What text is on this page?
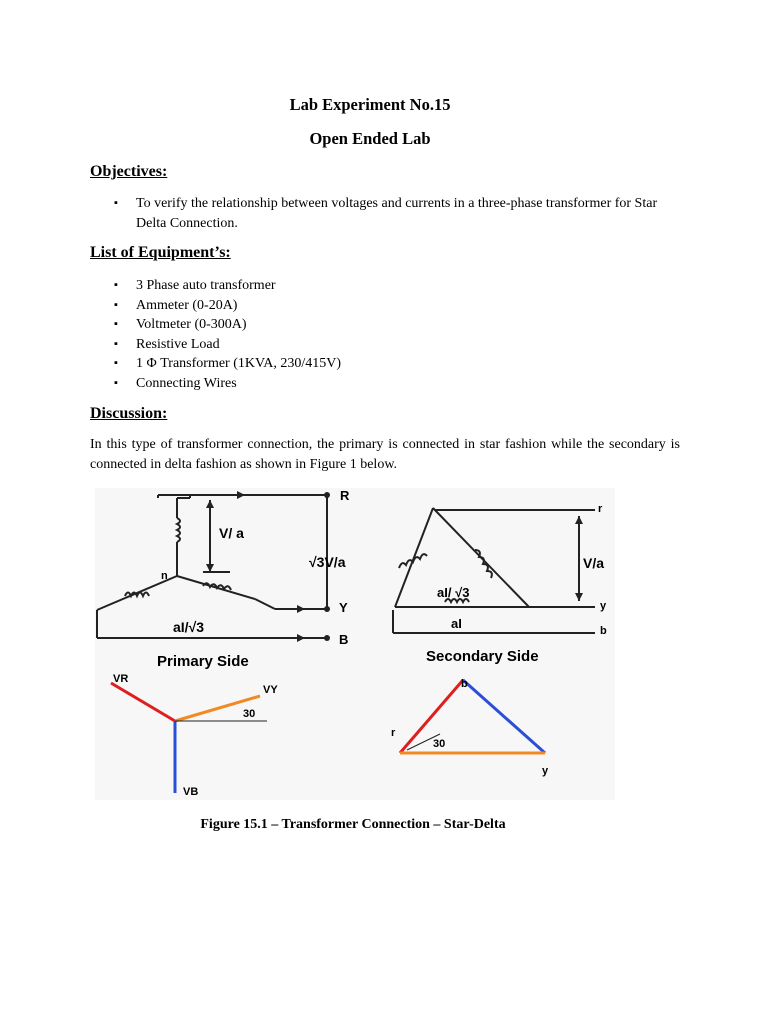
Lab Experiment No.15
Open Ended Lab
Objectives:
▪ To verify the relationship between voltages and currents in a three-phase transformer for Star Delta Connection.
List of Equipment’s:
▪ 3 Phase auto transformer
▪ Ammeter (0-20A)
▪ Voltmeter (0-300A)
▪ Resistive Load
▪ 1 Φ Transformer (1KVA, 230/415V)
▪ Connecting Wires
Discussion:
In this type of transformer connection, the primary is connected in star fashion while the secondary is connected in delta fashion as shown in Figure 1 below.
R
Y
B
n
V/ a
√3V/a
aI/√3
Primary Side
r
y
b
V/a
aI/ √3
aI
Secondary Side
VR
VY
VB
30
r
y
b
30
Figure 15.1 – Transformer Connection – Star-Delta
